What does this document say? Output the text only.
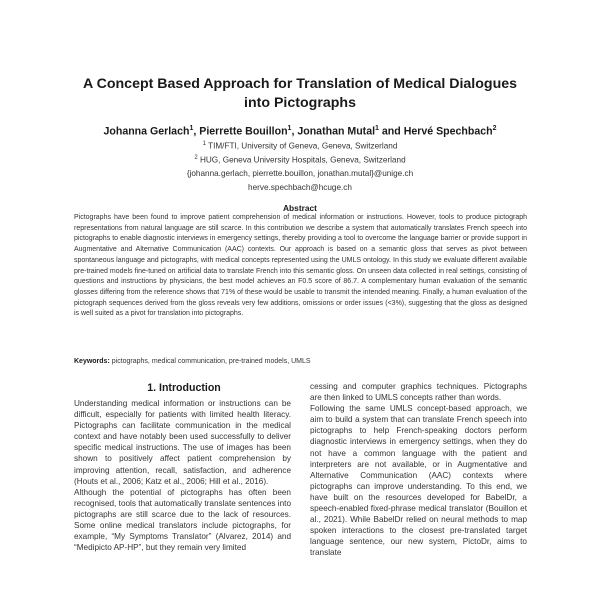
A Concept Based Approach for Translation of Medical Dialogues
into Pictographs
Johanna Gerlach$^1$, Pierrette Bouillon$^1$, Jonathan Mutal$^1$ and Hervé Spechbach$^2$
$^1$ TIM/FTI, University of Geneva, Geneva, Switzerland
$^2$ HUG, Geneva University Hospitals, Geneva, Switzerland
{johanna.gerlach, pierrette.bouillon, jonathan.mutal}@unige.ch
herve.spechbach@hcuge.ch
Abstract

Pictographs have been found to improve patient comprehension of medical information or instructions. However, tools to produce pictograph representations from natural language are still scarce. In this contribution we describe a system that automatically translates French speech into pictographs to enable diagnostic interviews in emergency settings, thereby providing a tool to overcome the language barrier or provide support in Augmentative and Alternative Communication (AAC) contexts. Our approach is based on a semantic gloss that serves as pivot between spontaneous language and pictographs, with medical concepts represented using the UMLS ontology. In this study we evaluate different available pre-trained models fine-tuned on artificial data to translate French into this semantic gloss. On unseen data collected in real settings, consisting of questions and instructions by physicians, the best model achieves an F0.5 score of 86.7. A complementary human evaluation of the semantic glosses differing from the reference shows that 71% of these would be usable to transmit the intended meaning. Finally, a human evaluation of the pictograph sequences derived from the gloss reveals very few additions, omissions or order issues (<3%), suggesting that the gloss as designed is well suited as a pivot for translation into pictographs.

Keywords: pictographs, medical communication, pre-trained models, UMLS

1. Introduction

Understanding medical information or instructions can be difficult, especially for patients with limited health literacy. Pictographs can facilitate communication in the medical context and have notably been used successfully to deliver specific medical instructions. The use of images has been shown to positively affect patient comprehension by improving attention, recall, satisfaction, and adherence (Houts et al., 2006; Katz et al., 2006; Hill et al., 2016).

Although the potential of pictographs has often been recognised, tools that automatically translate sentences into pictographs are still scarce due to the lack of resources. Some online medical translators include pictographs, for example, “My Symptoms Translator” (Alvarez, 2014) and “Medipicto AP-HP”, but they remain very limited

cessing and computer graphics techniques. Pictographs are then linked to UMLS concepts rather than words.

Following the same UMLS concept-based approach, we aim to build a system that can translate French speech into pictographs to help French-speaking doctors perform diagnostic interviews in emergency settings, when they do not have a common language with the patient and interpreters are not available, or in Augmentative and Alternative Communication (AAC) contexts where pictographs can improve understanding. To this end, we have built on the resources developed for BabelDr, a speech-enabled fixed-phrase medical translator (Bouillon et al., 2021). While BabelDr relied on neural methods to map spoken interactions to the closest pre-translated target language sentence, our new system, PictoDr, aims to translate
